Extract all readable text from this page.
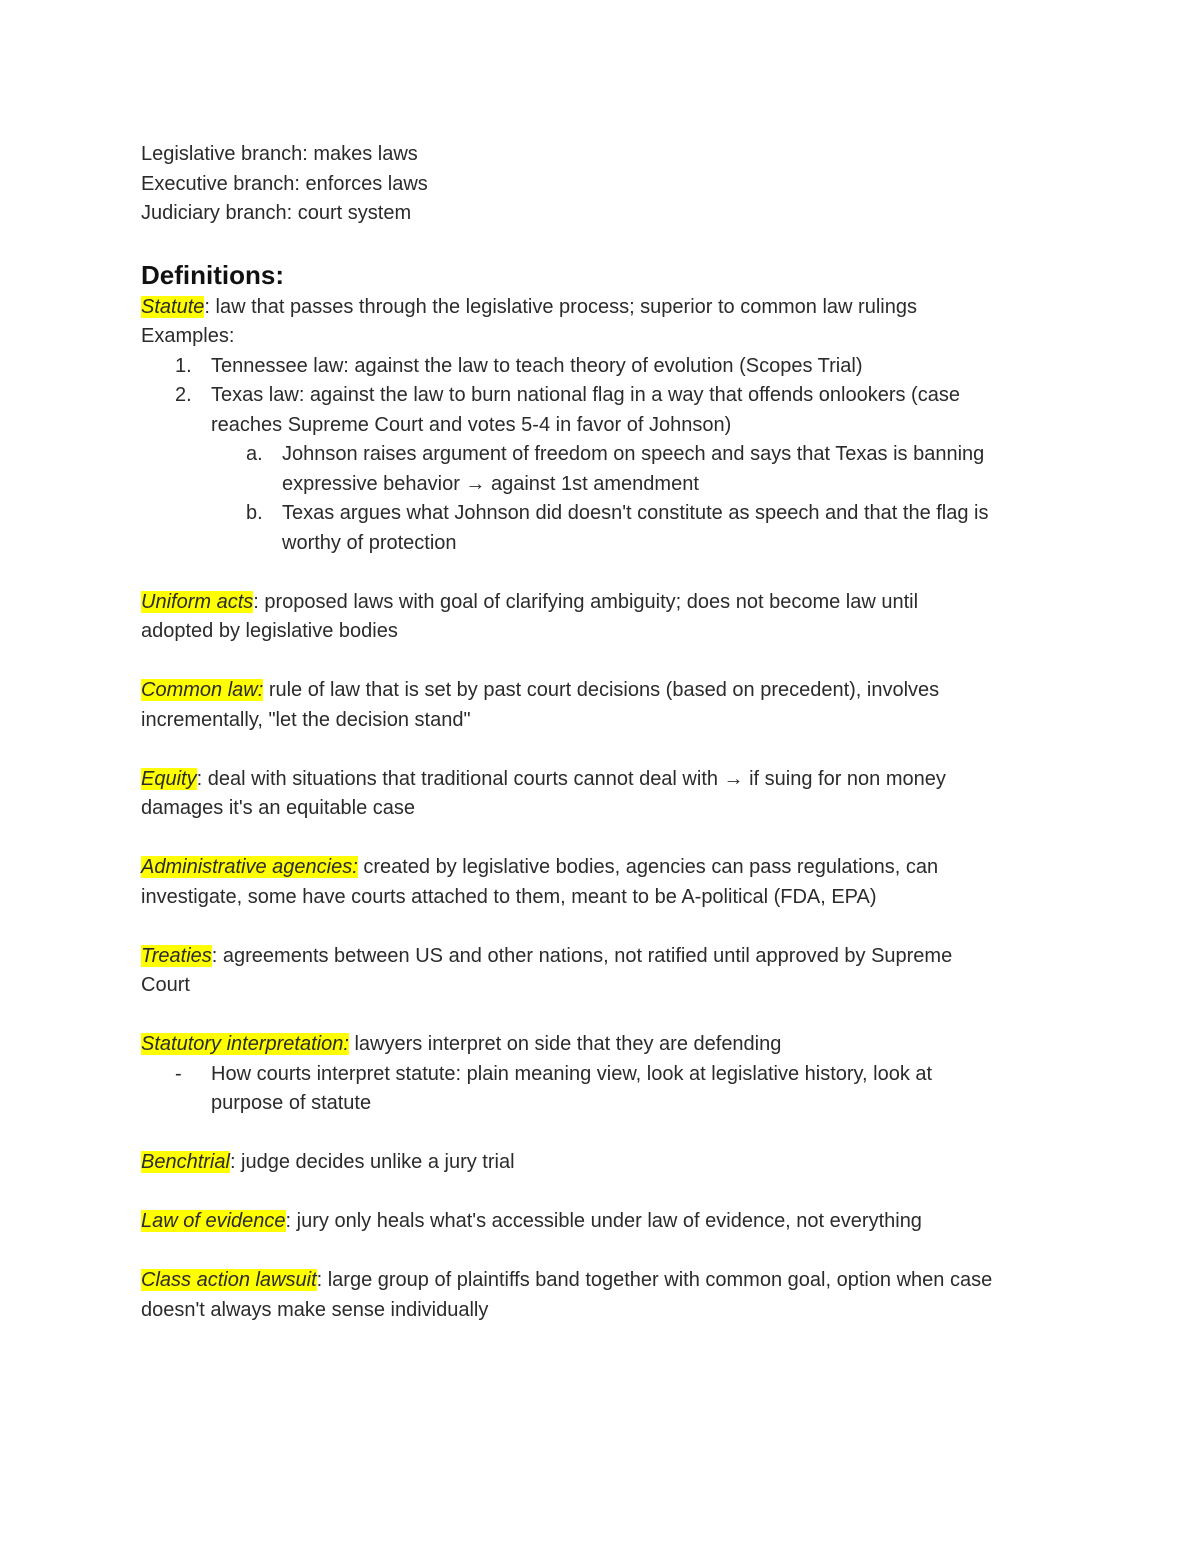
Legislative branch: makes laws

Executive branch: enforces laws

Judiciary branch: court system

Definitions:

Statute: law that passes through the legislative process; superior to common law rulings

Examples:

1. Tennessee law: against the law to teach theory of evolution (Scopes Trial)

2. Texas law: against the law to burn national flag in a way that offends onlookers (case

reaches Supreme Court and votes 5-4 in favor of Johnson)

a. Johnson raises argument of freedom on speech and says that Texas is banning

expressive behavior → against 1st amendment

b. Texas argues what Johnson did doesn't constitute as speech and that the flag is

worthy of protection

Uniform acts: proposed laws with goal of clarifying ambiguity; does not become law until

adopted by legislative bodies

Common law: rule of law that is set by past court decisions (based on precedent), involves

incrementally, "let the decision stand"

Equity: deal with situations that traditional courts cannot deal with → if suing for non money

damages it's an equitable case

Administrative agencies: created by legislative bodies, agencies can pass regulations, can

investigate, some have courts attached to them, meant to be A-political (FDA, EPA)

Treaties: agreements between US and other nations, not ratified until approved by Supreme

Court

Statutory interpretation: lawyers interpret on side that they are defending

- How courts interpret statute: plain meaning view, look at legislative history, look at

purpose of statute

Benchtrial: judge decides unlike a jury trial

Law of evidence: jury only heals what's accessible under law of evidence, not everything

Class action lawsuit: large group of plaintiffs band together with common goal, option when case

doesn't always make sense individually
